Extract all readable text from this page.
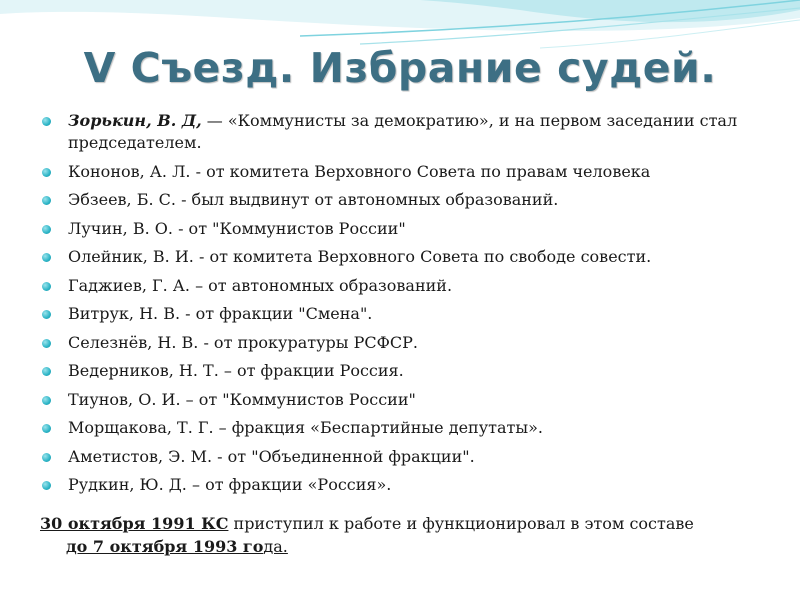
V Съезд. Избрание судей.
Зорькин, В. Д, — «Коммунисты за демократию», и на первом заседании стал председателем.
Кононов, А. Л. - от комитета Верховного Совета по правам человека
Эбзеев, Б. С. - был выдвинут от автономных образований.
Лучин, В. О. - от "Коммунистов России"
Олейник, В. И. - от комитета Верховного Совета по свободе совести.
Гаджиев, Г. А. – от автономных образований.
Витрук, Н. В. - от фракции "Смена".
Селезнёв, Н. В. - от прокуратуры РСФСР.
Ведерников, Н. Т. – от фракции Россия.
Тиунов, О. И. – от "Коммунистов России"
Морщакова, Т. Г. – фракция «Беспартийные депутаты».
Аметистов, Э. М. - от "Объединенной фракции".
Рудкин, Ю. Д. – от фракции «Россия».
30 октября 1991 КС приступил к работе и функционировал в этом составе
до 7 октября 1993 года.
